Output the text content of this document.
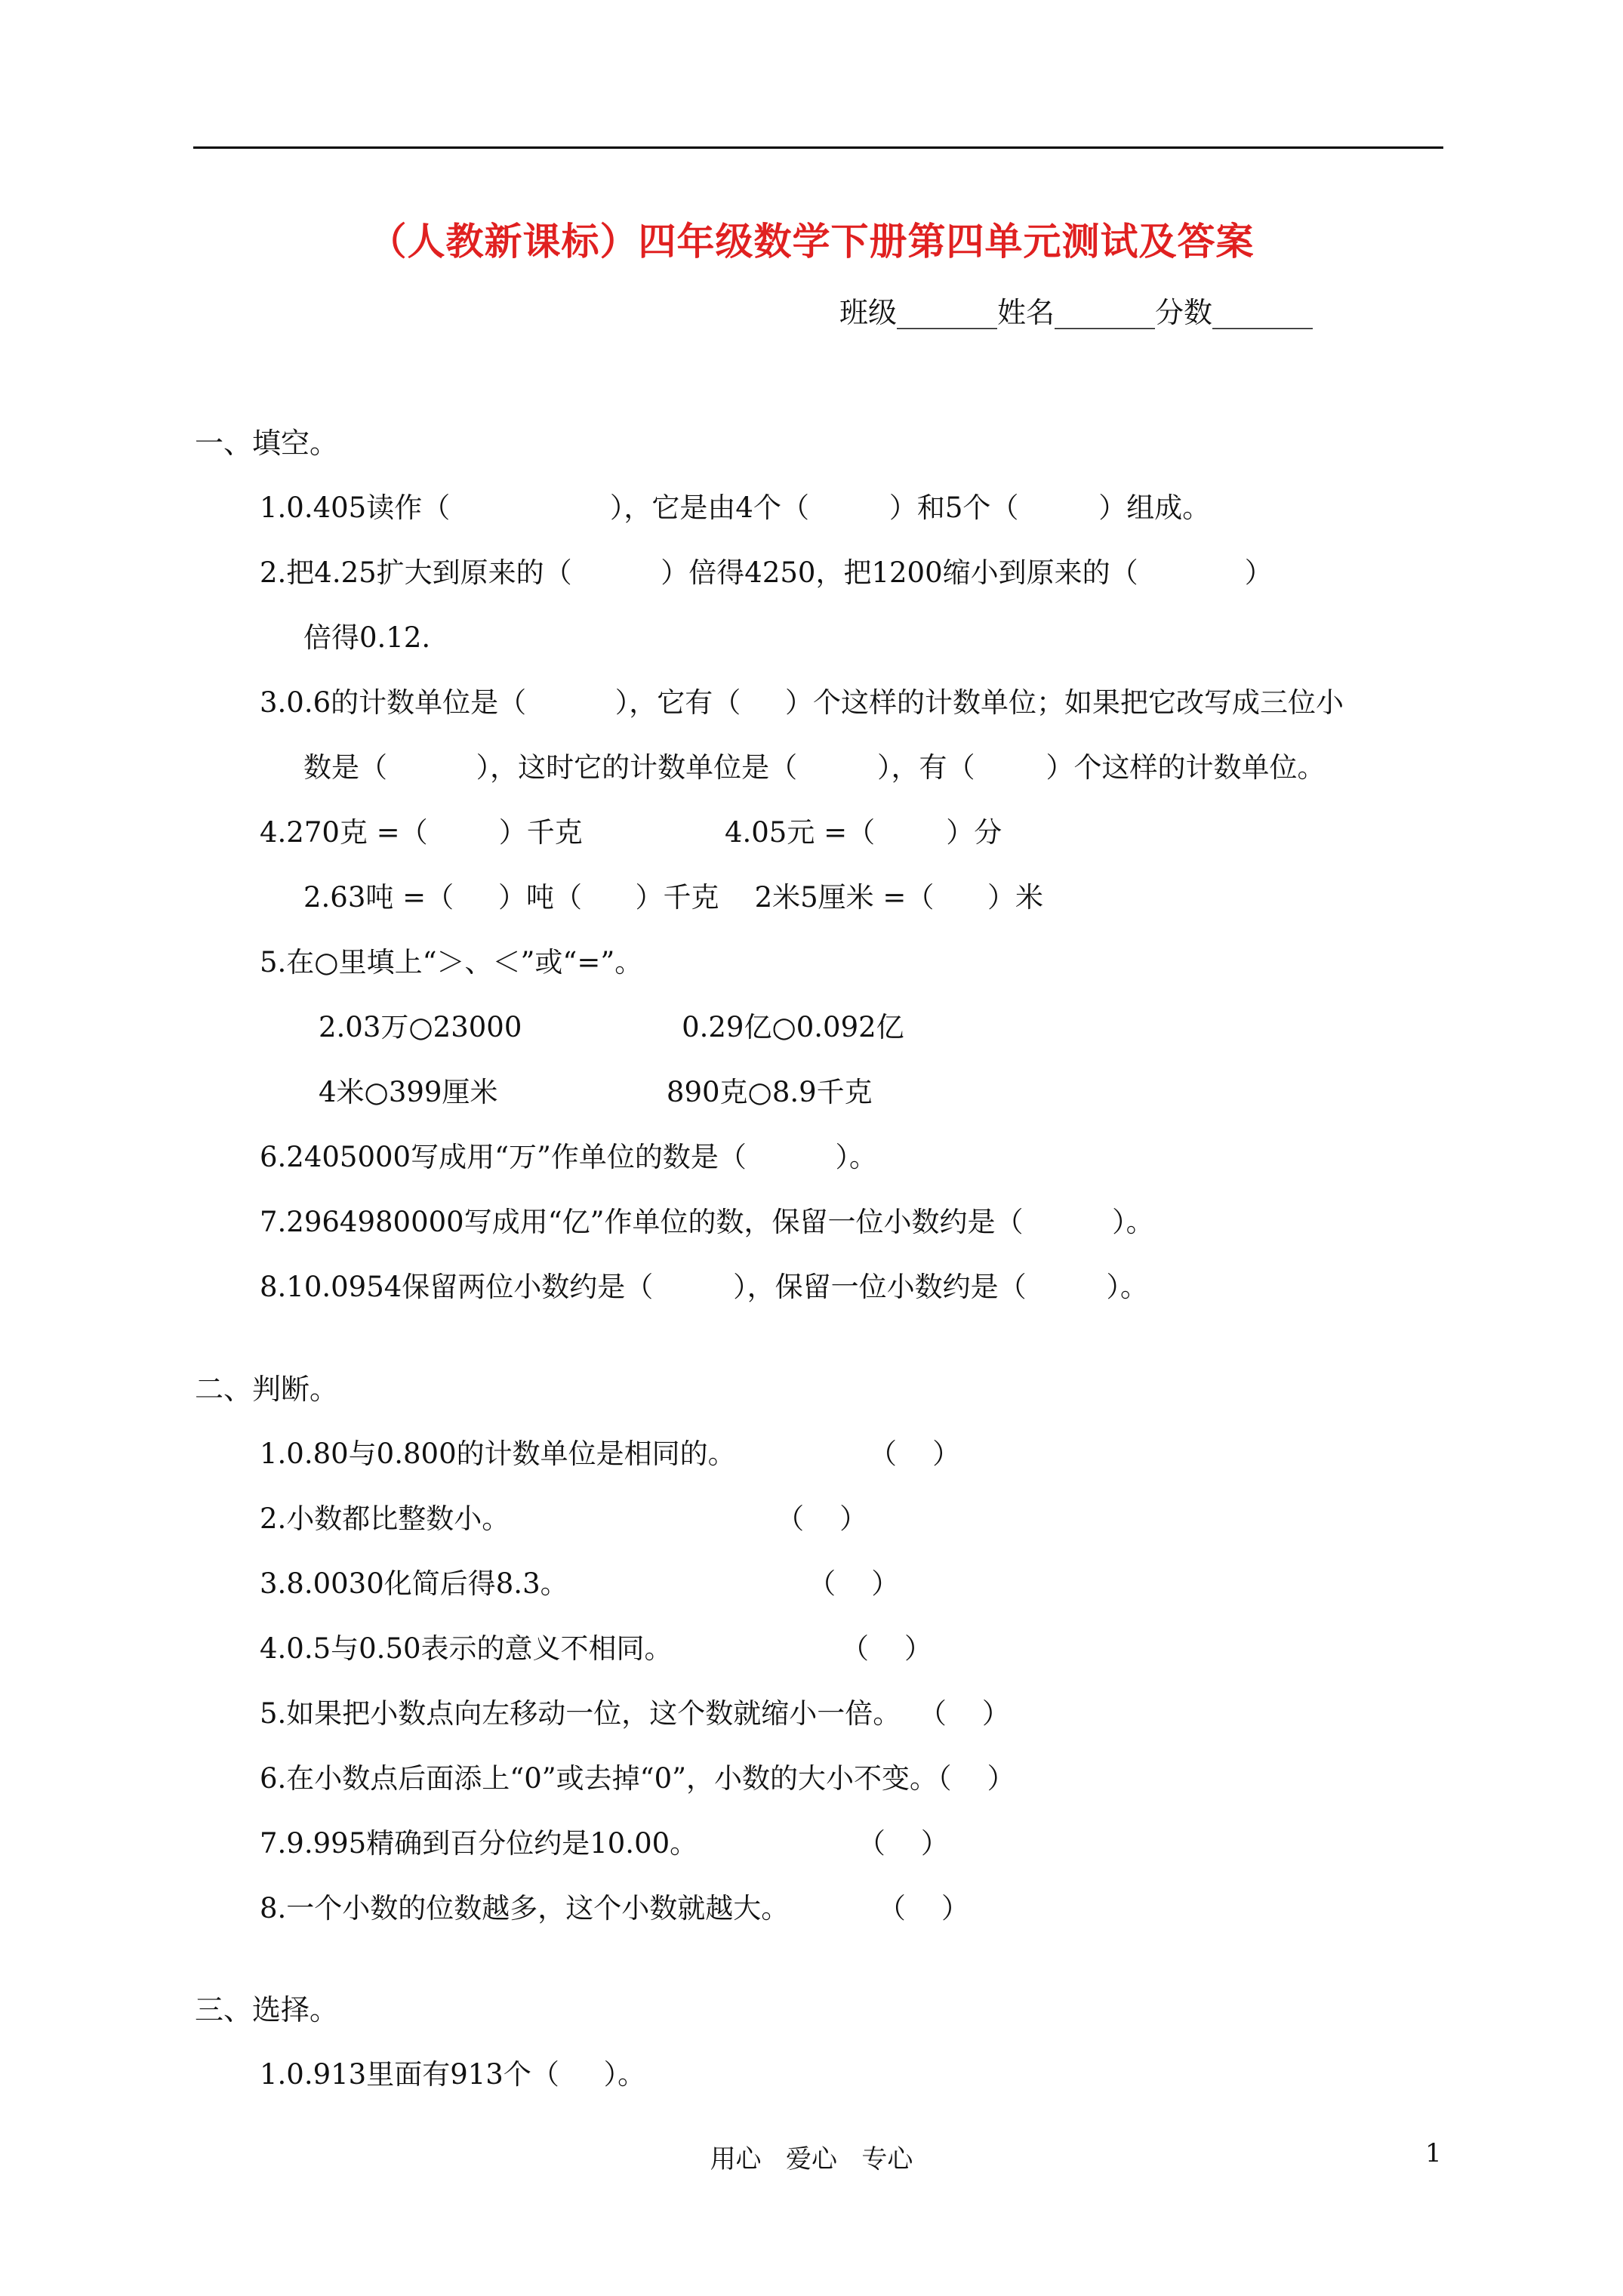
（人教新课标）四年级数学下册第四单元测试及答案
班级_______姓名_______分数_______
一、填空。
1.0.405读作（                  ），它是由4个（         ）和5个（         ）组成。
2.把4.25扩大到原来的（          ）倍得4250，把1200缩小到原来的（            ）
倍得0.12.
3.0.6的计数单位是（          ），它有（     ）个这样的计数单位；如果把它改写成三位小
数是（          ），这时它的计数单位是（         ），有（        ）个这样的计数单位。
4.270克 =（        ）千克                4.05元 =（        ）分
2.63吨 =（     ）吨（      ）千克    2米5厘米 =（      ）米
5.在○里填上“＞、＜”或“=”。
2.03万○23000                  0.29亿○0.092亿
4米○399厘米                   890克○8.9千克
6.2405000写成用“万”作单位的数是（          ）。
7.2964980000写成用“亿”作单位的数，保留一位小数约是（          ）。
8.10.0954保留两位小数约是（         ），保留一位小数约是（         ）。
二、判断。
1.0.80与0.800的计数单位是相同的。               （    ）
2.小数都比整数小。                              （    ）
3.8.0030化简后得8.3。                           （    ）
4.0.5与0.50表示的意义不相同。                   （    ）
5.如果把小数点向左移动一位，这个数就缩小一倍。  （    ）
6.在小数点后面添上“0”或去掉“0”，小数的大小不变。（    ）
7.9.995精确到百分位约是10.00。                  （    ）
8.一个小数的位数越多，这个小数就越大。          （    ）
三、选择。
1.0.913里面有913个（     ）。
用心   爱心   专心	1
